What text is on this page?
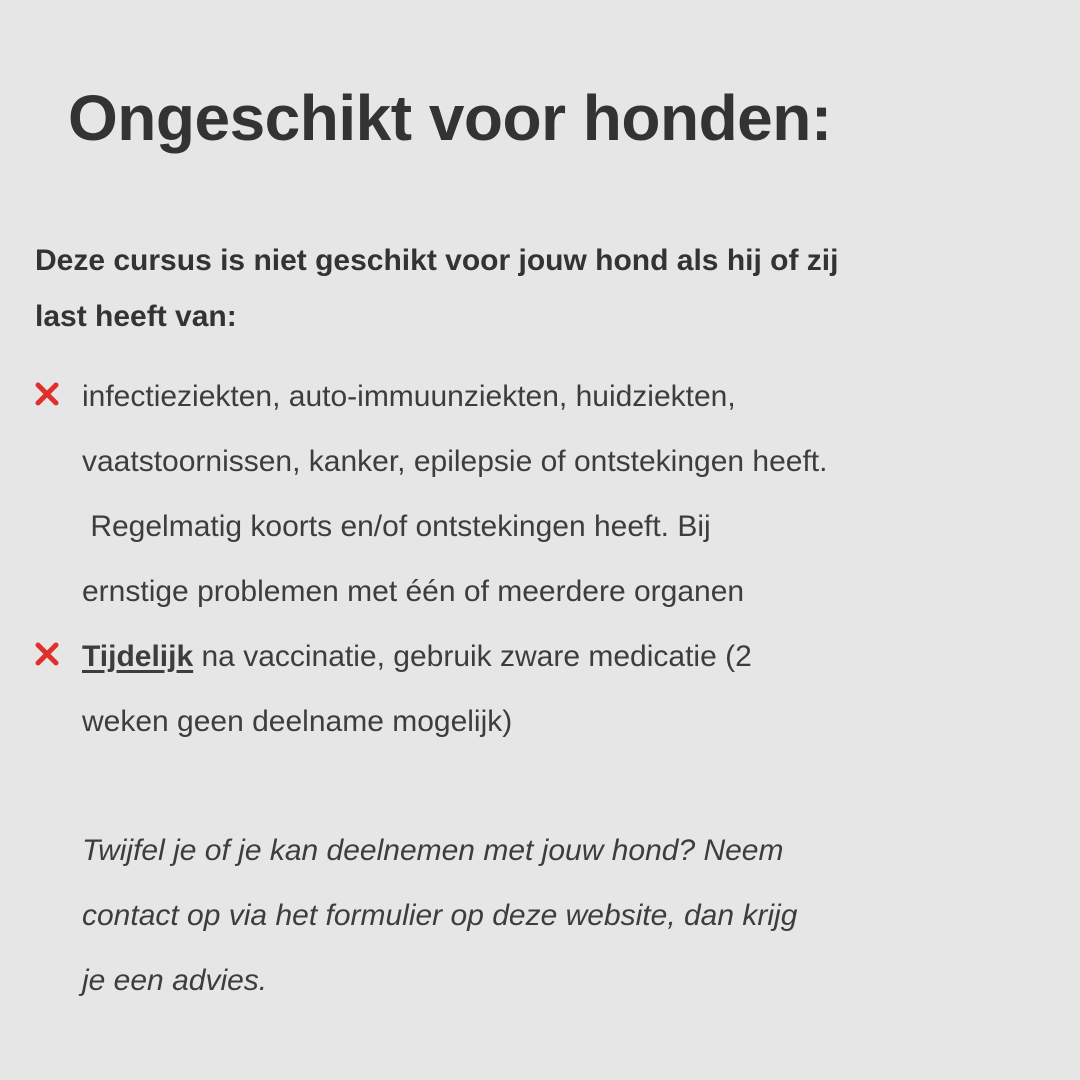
Ongeschikt voor honden:

Deze cursus is niet geschikt voor jouw hond als hij of zij
last heeft van:

infectieziekten, auto-immuunziekten, huidziekten,
vaatstoornissen, kanker, epilepsie of ontstekingen heeft.
Regelmatig koorts en/of ontstekingen heeft. Bij
ernstige problemen met één of meerdere organen
Tijdelijk na vaccinatie, gebruik zware medicatie (2
weken geen deelname mogelijk)

Twijfel je of je kan deelnemen met jouw hond? Neem
contact op via het formulier op deze website, dan krijg
je een advies.
